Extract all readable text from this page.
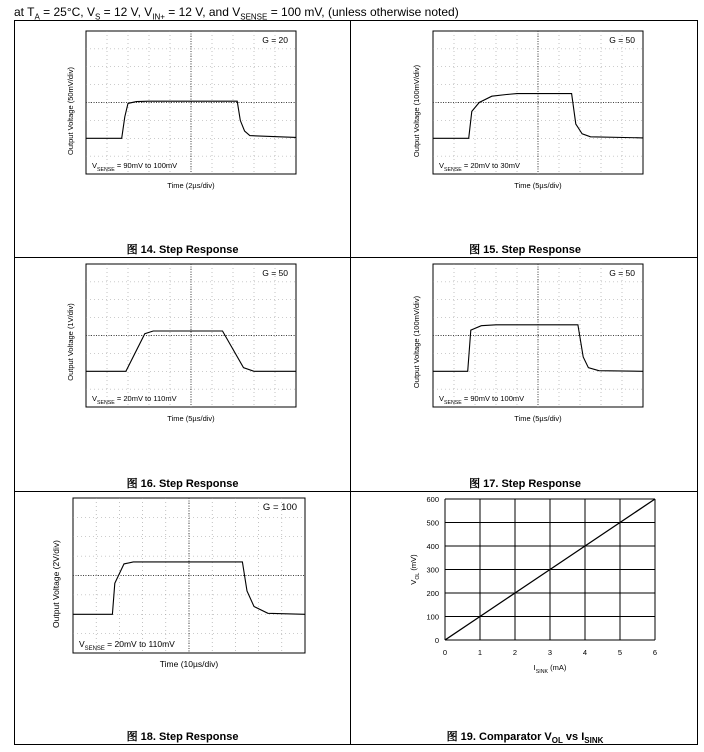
at $T_A = 25^\circ C$, $V_S = 12$ V, $V_{IN+} = 12$ V, and $V_{SENSE} = 100$ mV, (unless otherwise noted)
G = 20
$V_{SENSE} = 90mV$ to 100mV
Output Voltage (50mV/div)
Time (2µs/div)
图 14. Step Response
G = 50
$V_{SENSE} = 20mV$ to 30mV
Output Voltage (100mV/div)
Time (5µs/div)
图 15. Step Response
G = 50
$V_{SENSE} = 20mV$ to 110mV
Output Voltage (1V/div)
Time (5µs/div)
图 16. Step Response
G = 50
$V_{SENSE} = 90mV$ to 100mV
Output Voltage (100mV/div)
Time (5µs/div)
图 17. Step Response
G = 100
$V_{SENSE} = 20mV$ to 110mV
Output Voltage (2V/div)
Time (10µs/div)
图 18. Step Response
0	1	2	3	4	5	6
0
100
200
300
400
500
600
$V_{OL}$ (mV)
$I_{SINK}$ (mA)
图 19. Comparator $V_{OL}$ vs $I_{SINK}$
